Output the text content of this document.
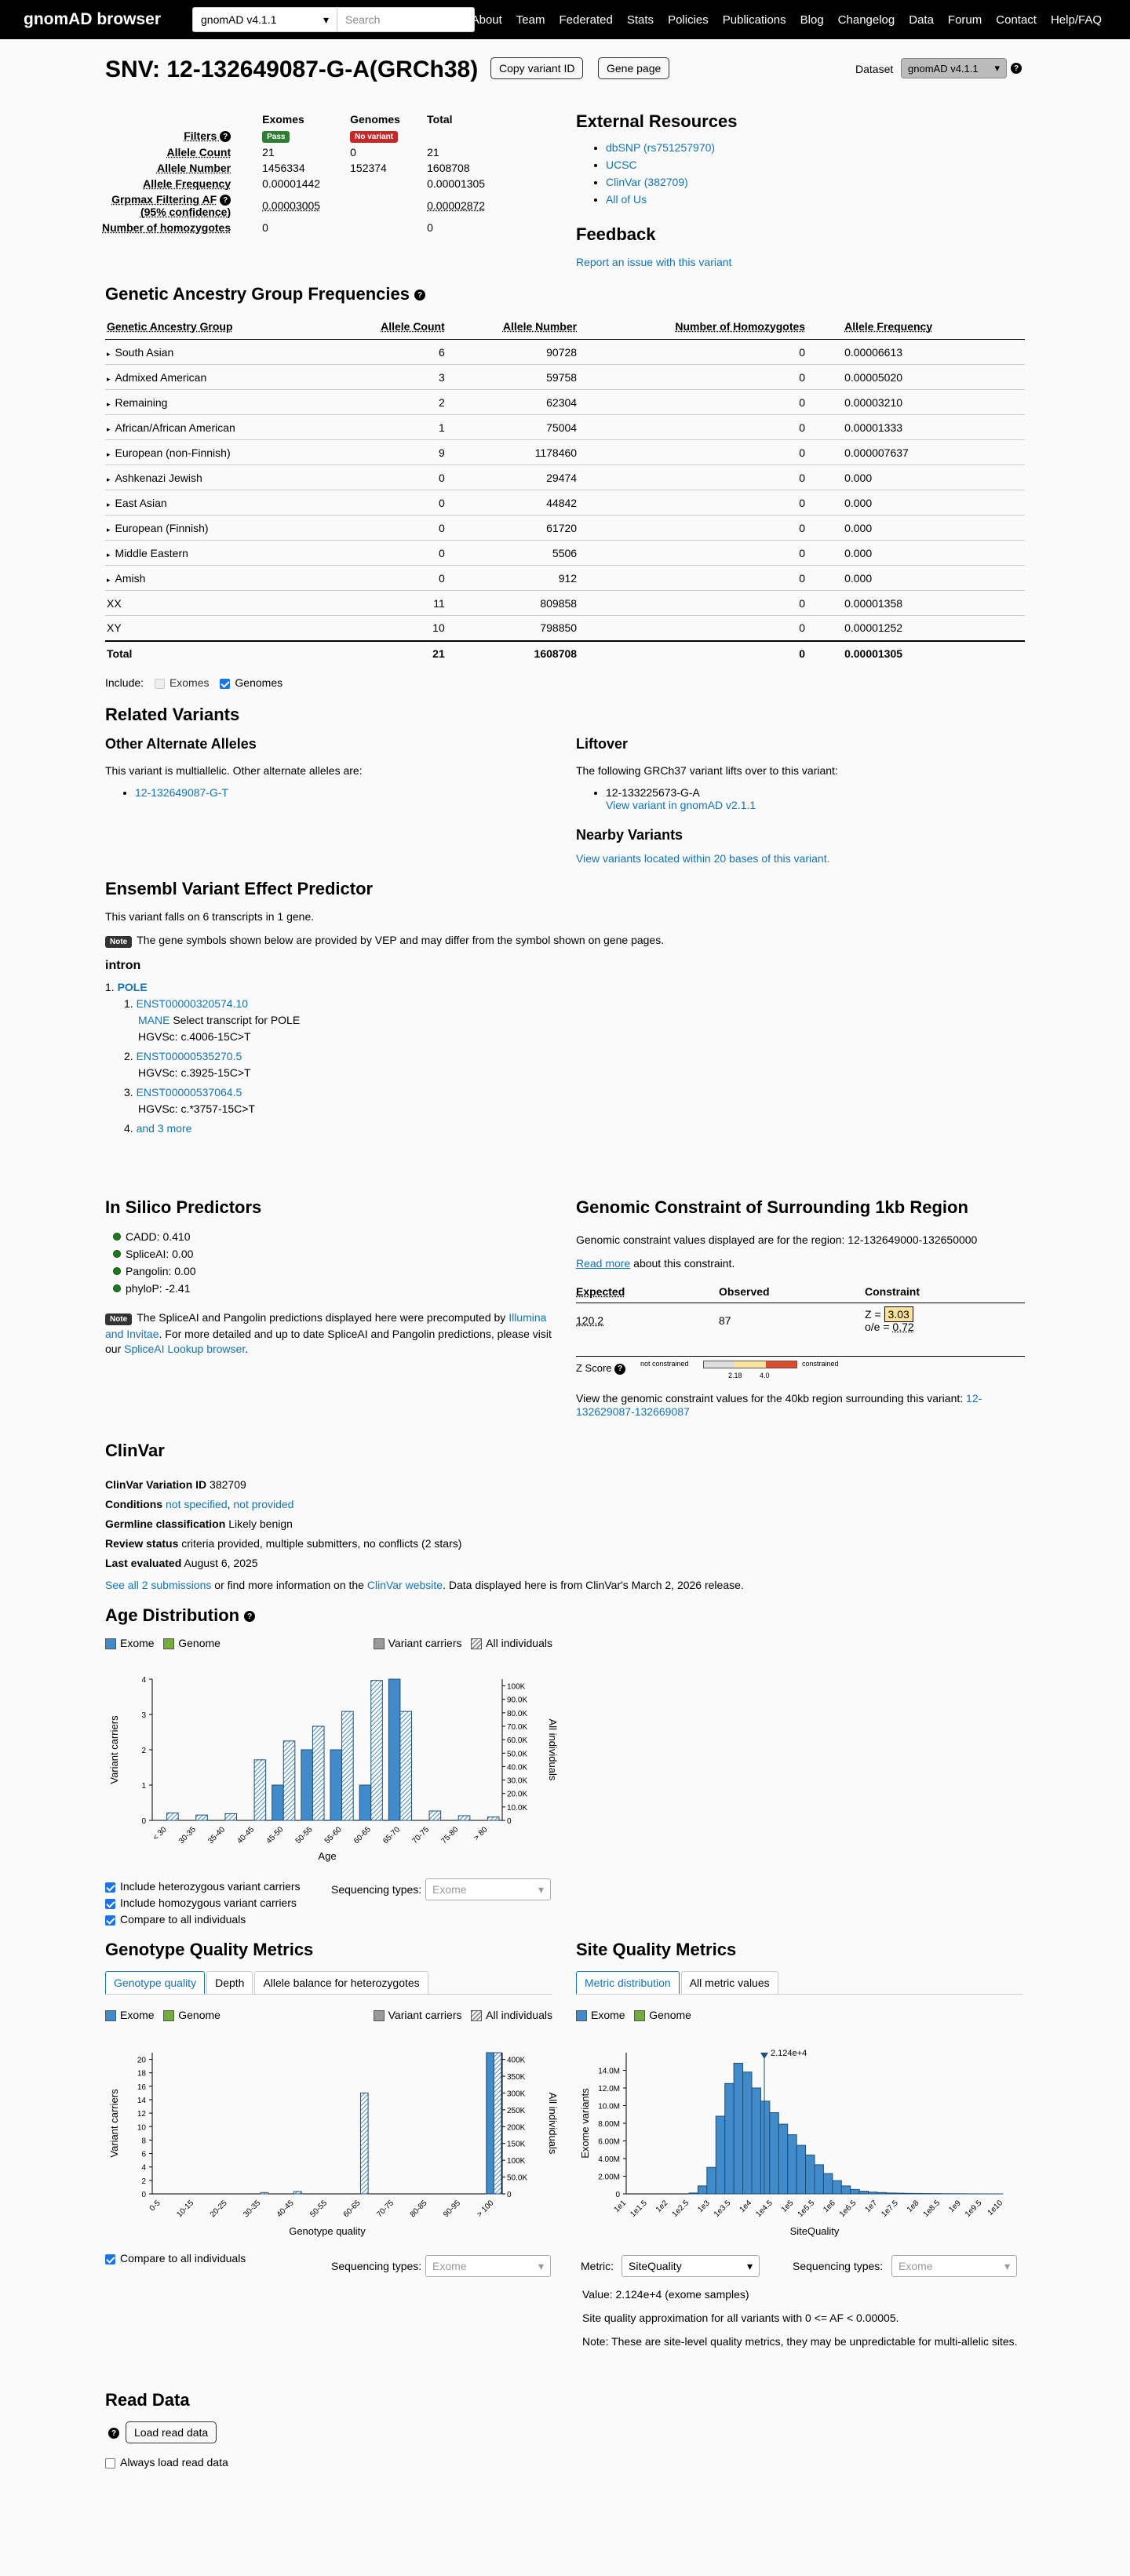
gnomAD browser	gnomAD v4.1.1	▾	Search	About Team Federated Stats Policies Publications Blog Changelog Data Forum Contact Help/FAQ
SNV: 12-132649087-G-A(GRCh38)	Copy variant ID	Gene page	Dataset gnomAD v4.1.1 ▾	?
	Exomes	Genomes	Total
Filters ?	Pass	No variant	
Allele Count	21	0	21
Allele Number	1456334	152374	1608708
Allele Frequency	0.00001442		0.00001305
Grpmax Filtering AF ?
(95% confidence)	0.00003005		0.00002872
Number of homozygotes	0		0
External Resources
• dbSNP (rs751257970)
• UCSC
• ClinVar (382709)
• All of Us
Feedback
Report an issue with this variant
Genetic Ancestry Group Frequencies ?
Genetic Ancestry Group	Allele Count	Allele Number	Number of Homozygotes	Allele Frequency
▸ South Asian	6	90728	0	0.00006613
▸ Admixed American	3	59758	0	0.00005020
▸ Remaining	2	62304	0	0.00003210
▸ African/African American	1	75004	0	0.00001333
▸ European (non-Finnish)	9	1178460	0	0.000007637
▸ Ashkenazi Jewish	0	29474	0	0.000
▸ East Asian	0	44842	0	0.000
▸ European (Finnish)	0	61720	0	0.000
▸ Middle Eastern	0	5506	0	0.000
▸ Amish	0	912	0	0.000
XX	11	809858	0	0.00001358
XY	10	798850	0	0.00001252
Total	21	1608708	0	0.00001305
Include: Exomes Genomes
Related Variants
Other Alternate Alleles
This variant is multiallelic. Other alternate alleles are:
• 12-132649087-G-T
Liftover
The following GRCh37 variant lifts over to this variant:
• 12-133225673-G-A
View variant in gnomAD v2.1.1
Nearby Variants
View variants located within 20 bases of this variant.
Ensembl Variant Effect Predictor
This variant falls on 6 transcripts in 1 gene.
Note The gene symbols shown below are provided by VEP and may differ from the symbol shown on gene pages.
intron
1. POLE
1. ENST00000320574.10
MANE Select transcript for POLE
HGVSc: c.4006-15C>T
2. ENST00000535270.5
HGVSc: c.3925-15C>T
3. ENST00000537064.5
HGVSc: c.*3757-15C>T
4. and 3 more
In Silico Predictors
CADD: 0.410
SpliceAI: 0.00
Pangolin: 0.00
phyloP: -2.41
Note The SpliceAI and Pangolin predictions displayed here were precomputed by Illumina and Invitae. For more detailed and up to date SpliceAI and Pangolin predictions, please visit our SpliceAI Lookup browser.
Genomic Constraint of Surrounding 1kb Region
Genomic constraint values displayed are for the region: 12-132649000-132650000
Read more about this constraint.
Expected	Observed	Constraint
120.2	87	Z = 3.03
o/e = 0.72
Z Score ?
not constrained	constrained
2.18 4.0
View the genomic constraint values for the 40kb region surrounding this variant: 12-132629087-132669087
ClinVar
ClinVar Variation ID 382709
Conditions not specified, not provided
Germline classification Likely benign
Review status criteria provided, multiple submitters, no conflicts (2 stars)
Last evaluated August 6, 2025
See all 2 submissions or find more information on the ClinVar website. Data displayed here is from ClinVar's March 2, 2026 release.
Age Distribution ?
Exome Genome	Variant carriers All individuals
0
1
2
3
4
0
10.0K
20.0K
30.0K
40.0K
50.0K
60.0K
70.0K
80.0K
90.0K
100K
< 30 30-35 35-40 40-45 45-50 50-55 55-60 60-65 65-70 70-75 75-80 > 80
Age
Variant carriers	All individuals
Include heterozygous variant carriers
Include homozygous variant carriers
Compare to all individuals
Sequencing types: Exome	▾
Genotype Quality Metrics
Genotype quality	Depth	Allele balance for heterozygotes
Exome Genome	Variant carriers All individuals
0
2
4
6
8
10
12
14
16
18
20
0
50.0K
100K
150K
200K
250K
300K
350K
400K
0-5 10-15 20-25 30-35 40-45 50-55 60-65 70-75 80-85 90-95 > 100
Genotype quality
Variant carriers	All individuals
Compare to all individuals
Sequencing types: Exome	▾
Site Quality Metrics
Metric distribution	All metric values
Exome Genome
0
2.00M
4.00M
6.00M
8.00M
10.0M
12.0M
14.0M
1e1 1e1.5 1e2 1e2.5 1e3 1e3.5 1e4 1e4.5 1e5 1e5.5 1e6 1e6.5 1e7 1e7.5 1e8 1e8.5 1e9 1e9.5 1e10
2.124e+4
SiteQuality
Exome variants
Metric: SiteQuality	▾	Sequencing types: Exome	▾
Value: 2.124e+4 (exome samples)
Site quality approximation for all variants with 0 <= AF < 0.00005.
Note: These are site-level quality metrics, they may be unpredictable for multi-allelic sites.
Read Data
?	Load read data
Always load read data
